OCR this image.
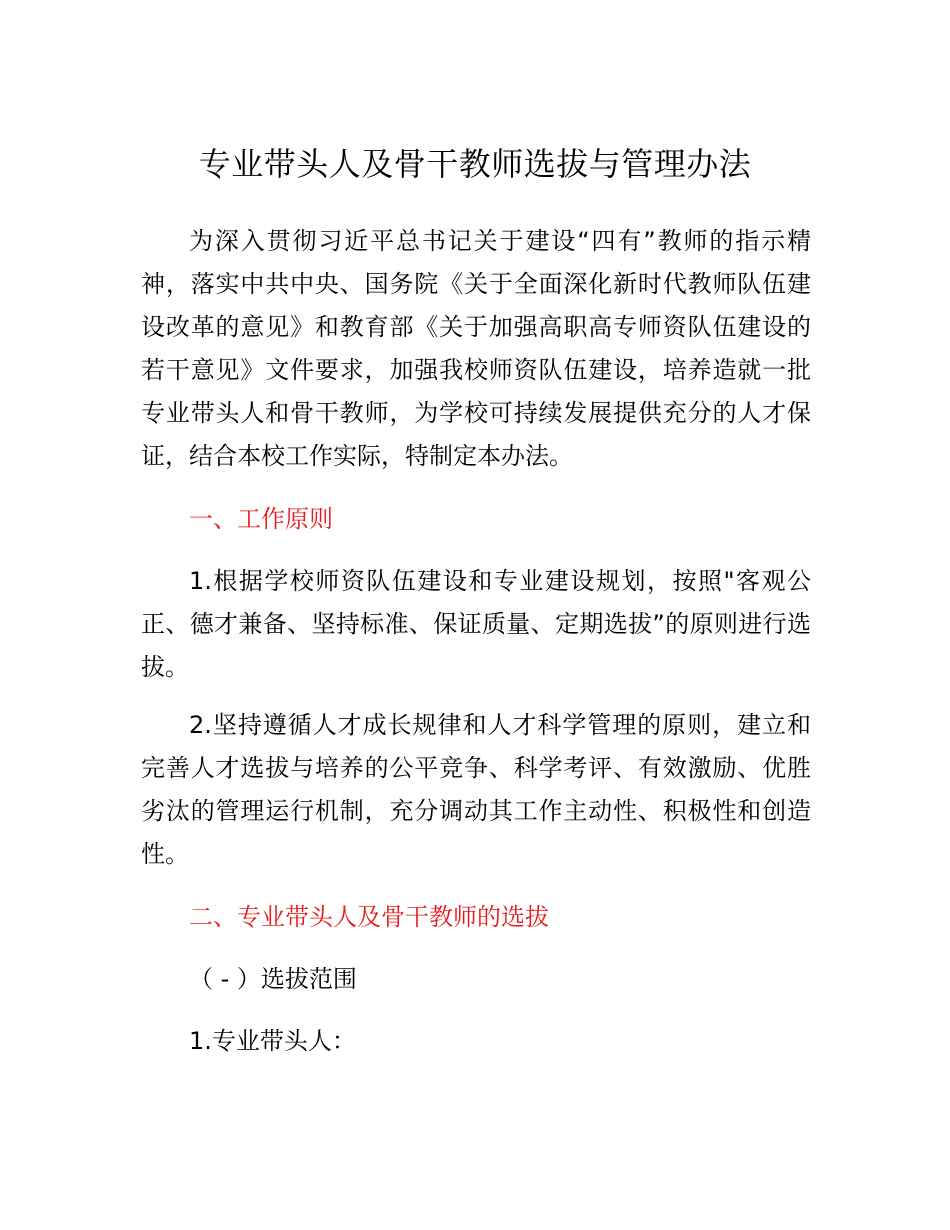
专业带头人及骨干教师选拔与管理办法

为深入贯彻习近平总书记关于建设“四有”教师的指示精神，落实中共中央、国务院《关于全面深化新时代教师队伍建设改革的意见》和教育部《关于加强高职高专师资队伍建设的若干意见》文件要求，加强我校师资队伍建设，培养造就一批专业带头人和骨干教师，为学校可持续发展提供充分的人才保证，结合本校工作实际，特制定本办法。

一、工作原则

1.根据学校师资队伍建设和专业建设规划，按照"客观公正、德才兼备、坚持标准、保证质量、定期选拔”的原则进行选拔。

2.坚持遵循人才成长规律和人才科学管理的原则，建立和完善人才选拔与培养的公平竞争、科学考评、有效激励、优胜劣汰的管理运行机制，充分调动其工作主动性、积极性和创造性。

二、专业带头人及骨干教师的选拔

（ - ）选拔范围

1.专业带头人：
